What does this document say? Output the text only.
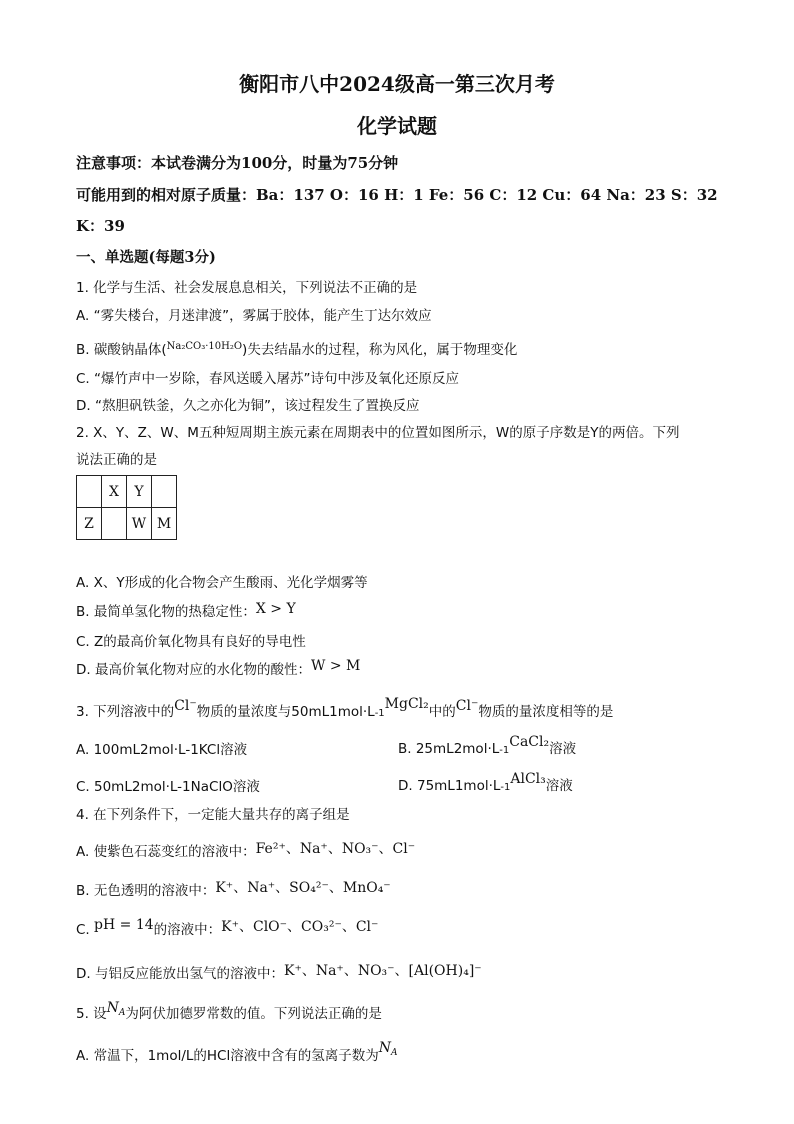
衡阳市八中2024级高一第三次月考
化学试题
注意事项：本试卷满分为100分，时量为75分钟
可能用到的相对原子质量：Ba：137 O：16 H：1 Fe：56 C：12 Cu：64 Na：23 S：32
K：39
一、单选题(每题3分)
1. 化学与生活、社会发展息息相关，下列说法不正确的是
A. “雾失楼台，月迷津渡”，雾属于胶体，能产生丁达尔效应
B. 碳酸钠晶体($^{Na_2CO_3\cdot 10H_2O}$)失去结晶水的过程，称为风化，属于物理变化
C. “爆竹声中一岁除，春风送暖入屠苏”诗句中涉及氧化还原反应
D. “熬胆矾铁釜，久之亦化为铜”，该过程发生了置换反应
2. X、Y、Z、W、M五种短周期主族元素在周期表中的位置如图所示，W的原子序数是Y的两倍。下列
说法正确的是
	X	Y	
Z		W	M
A. X、Y形成的化合物会产生酸雨、光化学烟雾等
B. 最简单氢化物的热稳定性：X > Y
C. Z的最高价氧化物具有良好的导电性
D. 最高价氧化物对应的水化物的酸性：W > M
3. 下列溶液中的Cl⁻物质的量浓度与50mL1mol·L-1MgCl₂中的Cl⁻物质的量浓度相等的是
A. 100mL2mol·L-1KCl溶液	B. 25mL2mol·L-1CaCl₂溶液
C. 50mL2mol·L-1NaClO溶液	D. 75mL1mol·L-1AlCl₃溶液
4. 在下列条件下，一定能大量共存的离子组是
A. 使紫色石蕊变红的溶液中：Fe²⁺、Na⁺、NO₃⁻、Cl⁻
B. 无色透明的溶液中：K⁺、Na⁺、SO₄²⁻、MnO₄⁻
C. pH = 14的溶液中：K⁺、ClO⁻、CO₃²⁻、Cl⁻
D. 与铝反应能放出氢气的溶液中：K⁺、Na⁺、NO₃⁻、[Al(OH)₄]⁻
5. 设$N_A$为阿伏加德罗常数的值。下列说法正确的是
A. 常温下，1mol/L的HCl溶液中含有的氢离子数为$N_A$
